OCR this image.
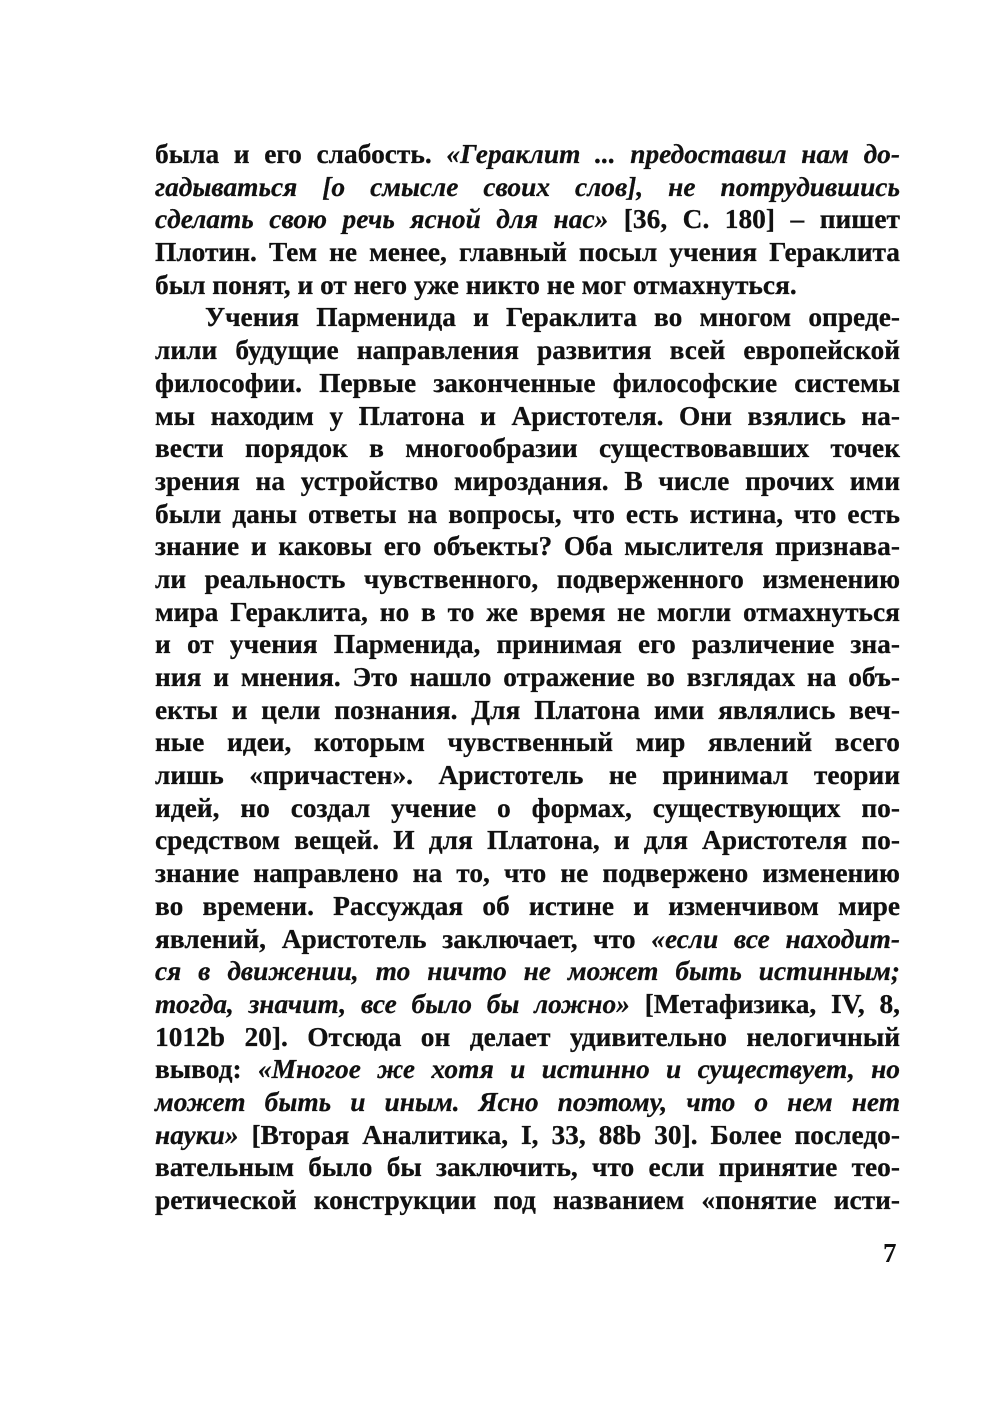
была и его слабость. «Гераклит ... предоставил нам до-
гадываться [о смысле своих слов], не потрудившись
сделать свою речь ясной для нас» [36, С. 180] – пишет
Плотин. Тем не менее, главный посыл учения Гераклита
был понят, и от него уже никто не мог отмахнуться.
Учения Парменида и Гераклита во многом опреде-
лили будущие направления развития всей европейской
философии. Первые законченные философские системы
мы находим у Платона и Аристотеля. Они взялись на-
вести порядок в многообразии существовавших точек
зрения на устройство мироздания. В числе прочих ими
были даны ответы на вопросы, что есть истина, что есть
знание и каковы его объекты? Оба мыслителя признава-
ли реальность чувственного, подверженного изменению
мира Гераклита, но в то же время не могли отмахнуться
и от учения Парменида, принимая его различение зна-
ния и мнения. Это нашло отражение во взглядах на объ-
екты и цели познания. Для Платона ими являлись веч-
ные идеи, которым чувственный мир явлений всего
лишь «причастен». Аристотель не принимал теории
идей, но создал учение о формах, существующих по-
средством вещей. И для Платона, и для Аристотеля по-
знание направлено на то, что не подвержено изменению
во времени. Рассуждая об истине и изменчивом мире
явлений, Аристотель заключает, что «если все находит-
ся в движении, то ничто не может быть истинным;
тогда, значит, все было бы ложно» [Метафизика, IV, 8,
1012b 20]. Отсюда он делает удивительно нелогичный
вывод: «Многое же хотя и истинно и существует, но
может быть и иным. Ясно поэтому, что о нем нет
науки» [Вторая Аналитика, I, 33, 88b 30]. Более последо-
вательным было бы заключить, что если принятие тео-
ретической конструкции под названием «понятие исти-
7
